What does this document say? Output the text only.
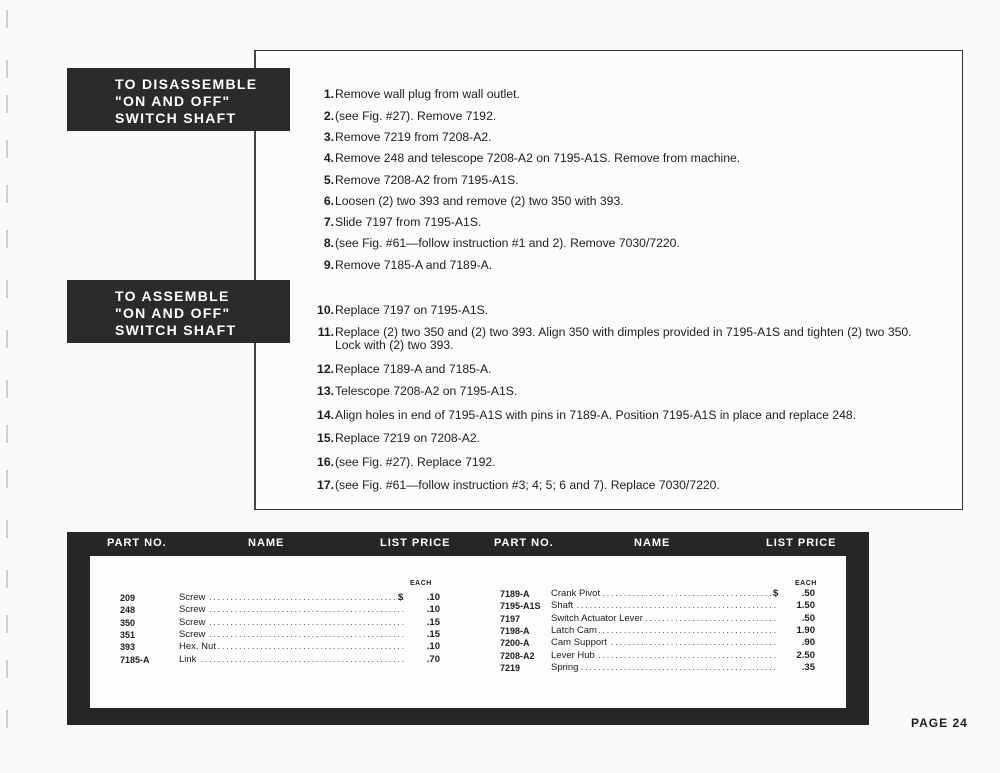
TO DISASSEMBLE
"ON AND OFF"
SWITCH SHAFT
TO ASSEMBLE
"ON AND OFF"
SWITCH SHAFT
1.Remove wall plug from wall outlet.
2.(see Fig. #27). Remove 7192.
3.Remove 7219 from 7208-A2.
4.Remove 248 and telescope 7208-A2 on 7195-A1S. Remove from machine.
5.Remove 7208-A2 from 7195-A1S.
6.Loosen (2) two 393 and remove (2) two 350 with 393.
7.Slide 7197 from 7195-A1S.
8.(see Fig. #61—follow instruction #1 and 2). Remove 7030/7220.
9.Remove 7185-A and 7189-A.
10.Replace 7197 on 7195-A1S.
11.Replace (2) two 350 and (2) two 393. Align 350 with dimples provided in 7195-A1S and tighten (2) two 350. Lock with (2) two 393.
12.Replace 7189-A and 7185-A.
13.Telescope 7208-A2 on 7195-A1S.
14.Align holes in end of 7195-A1S with pins in 7189-A. Position 7195-A1S in place and replace 248.
15.Replace 7219 on 7208-A2.
16.(see Fig. #27). Replace 7192.
17.(see Fig. #61—follow instruction #3; 4; 5; 6 and 7). Replace 7030/7220.
PART NO.	NAME	LIST PRICE	PART NO.	NAME	LIST PRICE
EACH	EACH
$
209	Screw . . .	.10
248	Screw . . .	.10
350	Screw . . .	.15
351	Screw . . .	.15
393	Hex. Nut . . .	.10
7185-A	Link . . .	.70
$
7189-A Crank Pivot . . .	.50
7195-A1S Shaft . . .	1.50
7197	Switch Actuator Lever . . .	.50
7198-A Latch Cam . . .	1.90
7200-A Cam Support . . .	.90
7208-A2 Lever Hub . . .	2.50
7219	Spring . . .	.35
PAGE 24
